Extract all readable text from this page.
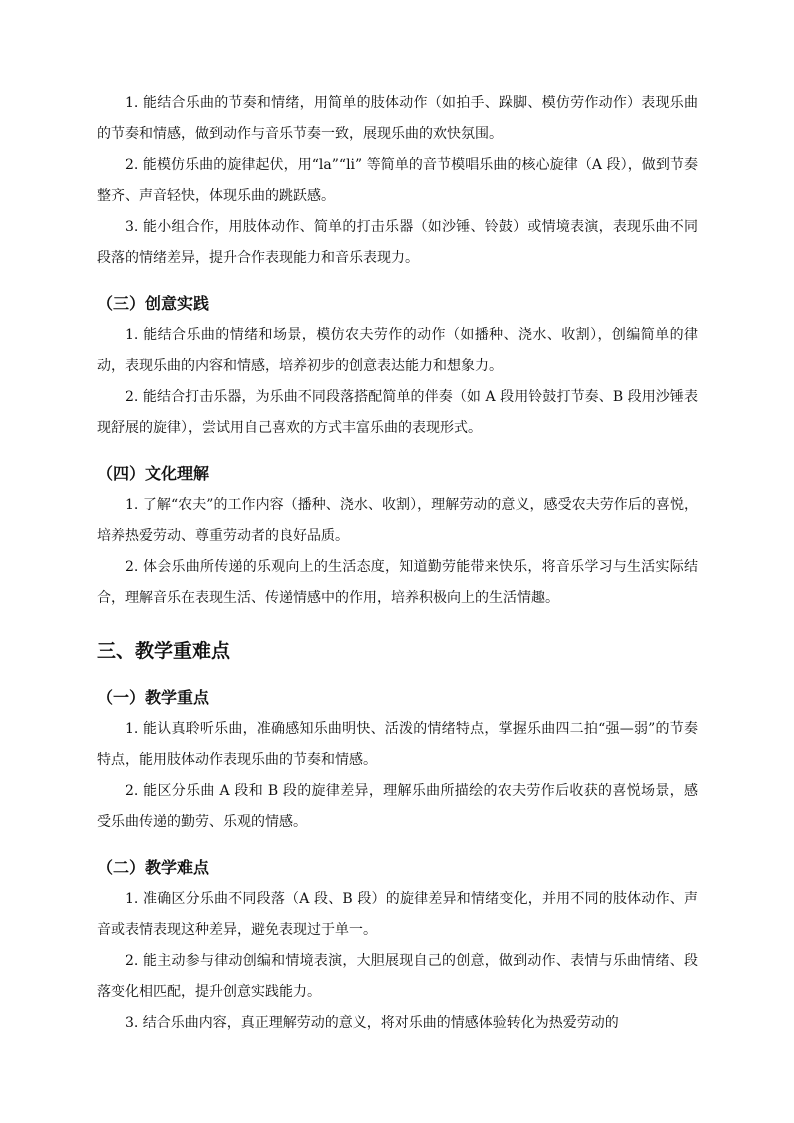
1. 能结合乐曲的节奏和情绪，用简单的肢体动作（如拍手、跺脚、模仿劳作动作）表现乐曲的节奏和情感，做到动作与音乐节奏一致，展现乐曲的欢快氛围。

2. 能模仿乐曲的旋律起伏，用“la”“li” 等简单的音节模唱乐曲的核心旋律（A 段），做到节奏整齐、声音轻快，体现乐曲的跳跃感。

3. 能小组合作，用肢体动作、简单的打击乐器（如沙锤、铃鼓）或情境表演，表现乐曲不同段落的情绪差异，提升合作表现能力和音乐表现力。

（三）创意实践

1. 能结合乐曲的情绪和场景，模仿农夫劳作的动作（如播种、浇水、收割），创编简单的律动，表现乐曲的内容和情感，培养初步的创意表达能力和想象力。

2. 能结合打击乐器，为乐曲不同段落搭配简单的伴奏（如 A 段用铃鼓打节奏、B 段用沙锤表现舒展的旋律），尝试用自己喜欢的方式丰富乐曲的表现形式。

（四）文化理解

1. 了解“农夫”的工作内容（播种、浇水、收割），理解劳动的意义，感受农夫劳作后的喜悦，培养热爱劳动、尊重劳动者的良好品质。

2. 体会乐曲所传递的乐观向上的生活态度，知道勤劳能带来快乐，将音乐学习与生活实际结合，理解音乐在表现生活、传递情感中的作用，培养积极向上的生活情趣。

三、教学重难点
（一）教学重点

1. 能认真聆听乐曲，准确感知乐曲明快、活泼的情绪特点，掌握乐曲四二拍“强—弱”的节奏特点，能用肢体动作表现乐曲的节奏和情感。

2. 能区分乐曲 A 段和 B 段的旋律差异，理解乐曲所描绘的农夫劳作后收获的喜悦场景，感受乐曲传递的勤劳、乐观的情感。

（二）教学难点

1. 准确区分乐曲不同段落（A 段、B 段）的旋律差异和情绪变化，并用不同的肢体动作、声音或表情表现这种差异，避免表现过于单一。

2. 能主动参与律动创编和情境表演，大胆展现自己的创意，做到动作、表情与乐曲情绪、段落变化相匹配，提升创意实践能力。

3. 结合乐曲内容，真正理解劳动的意义，将对乐曲的情感体验转化为热爱劳动的
